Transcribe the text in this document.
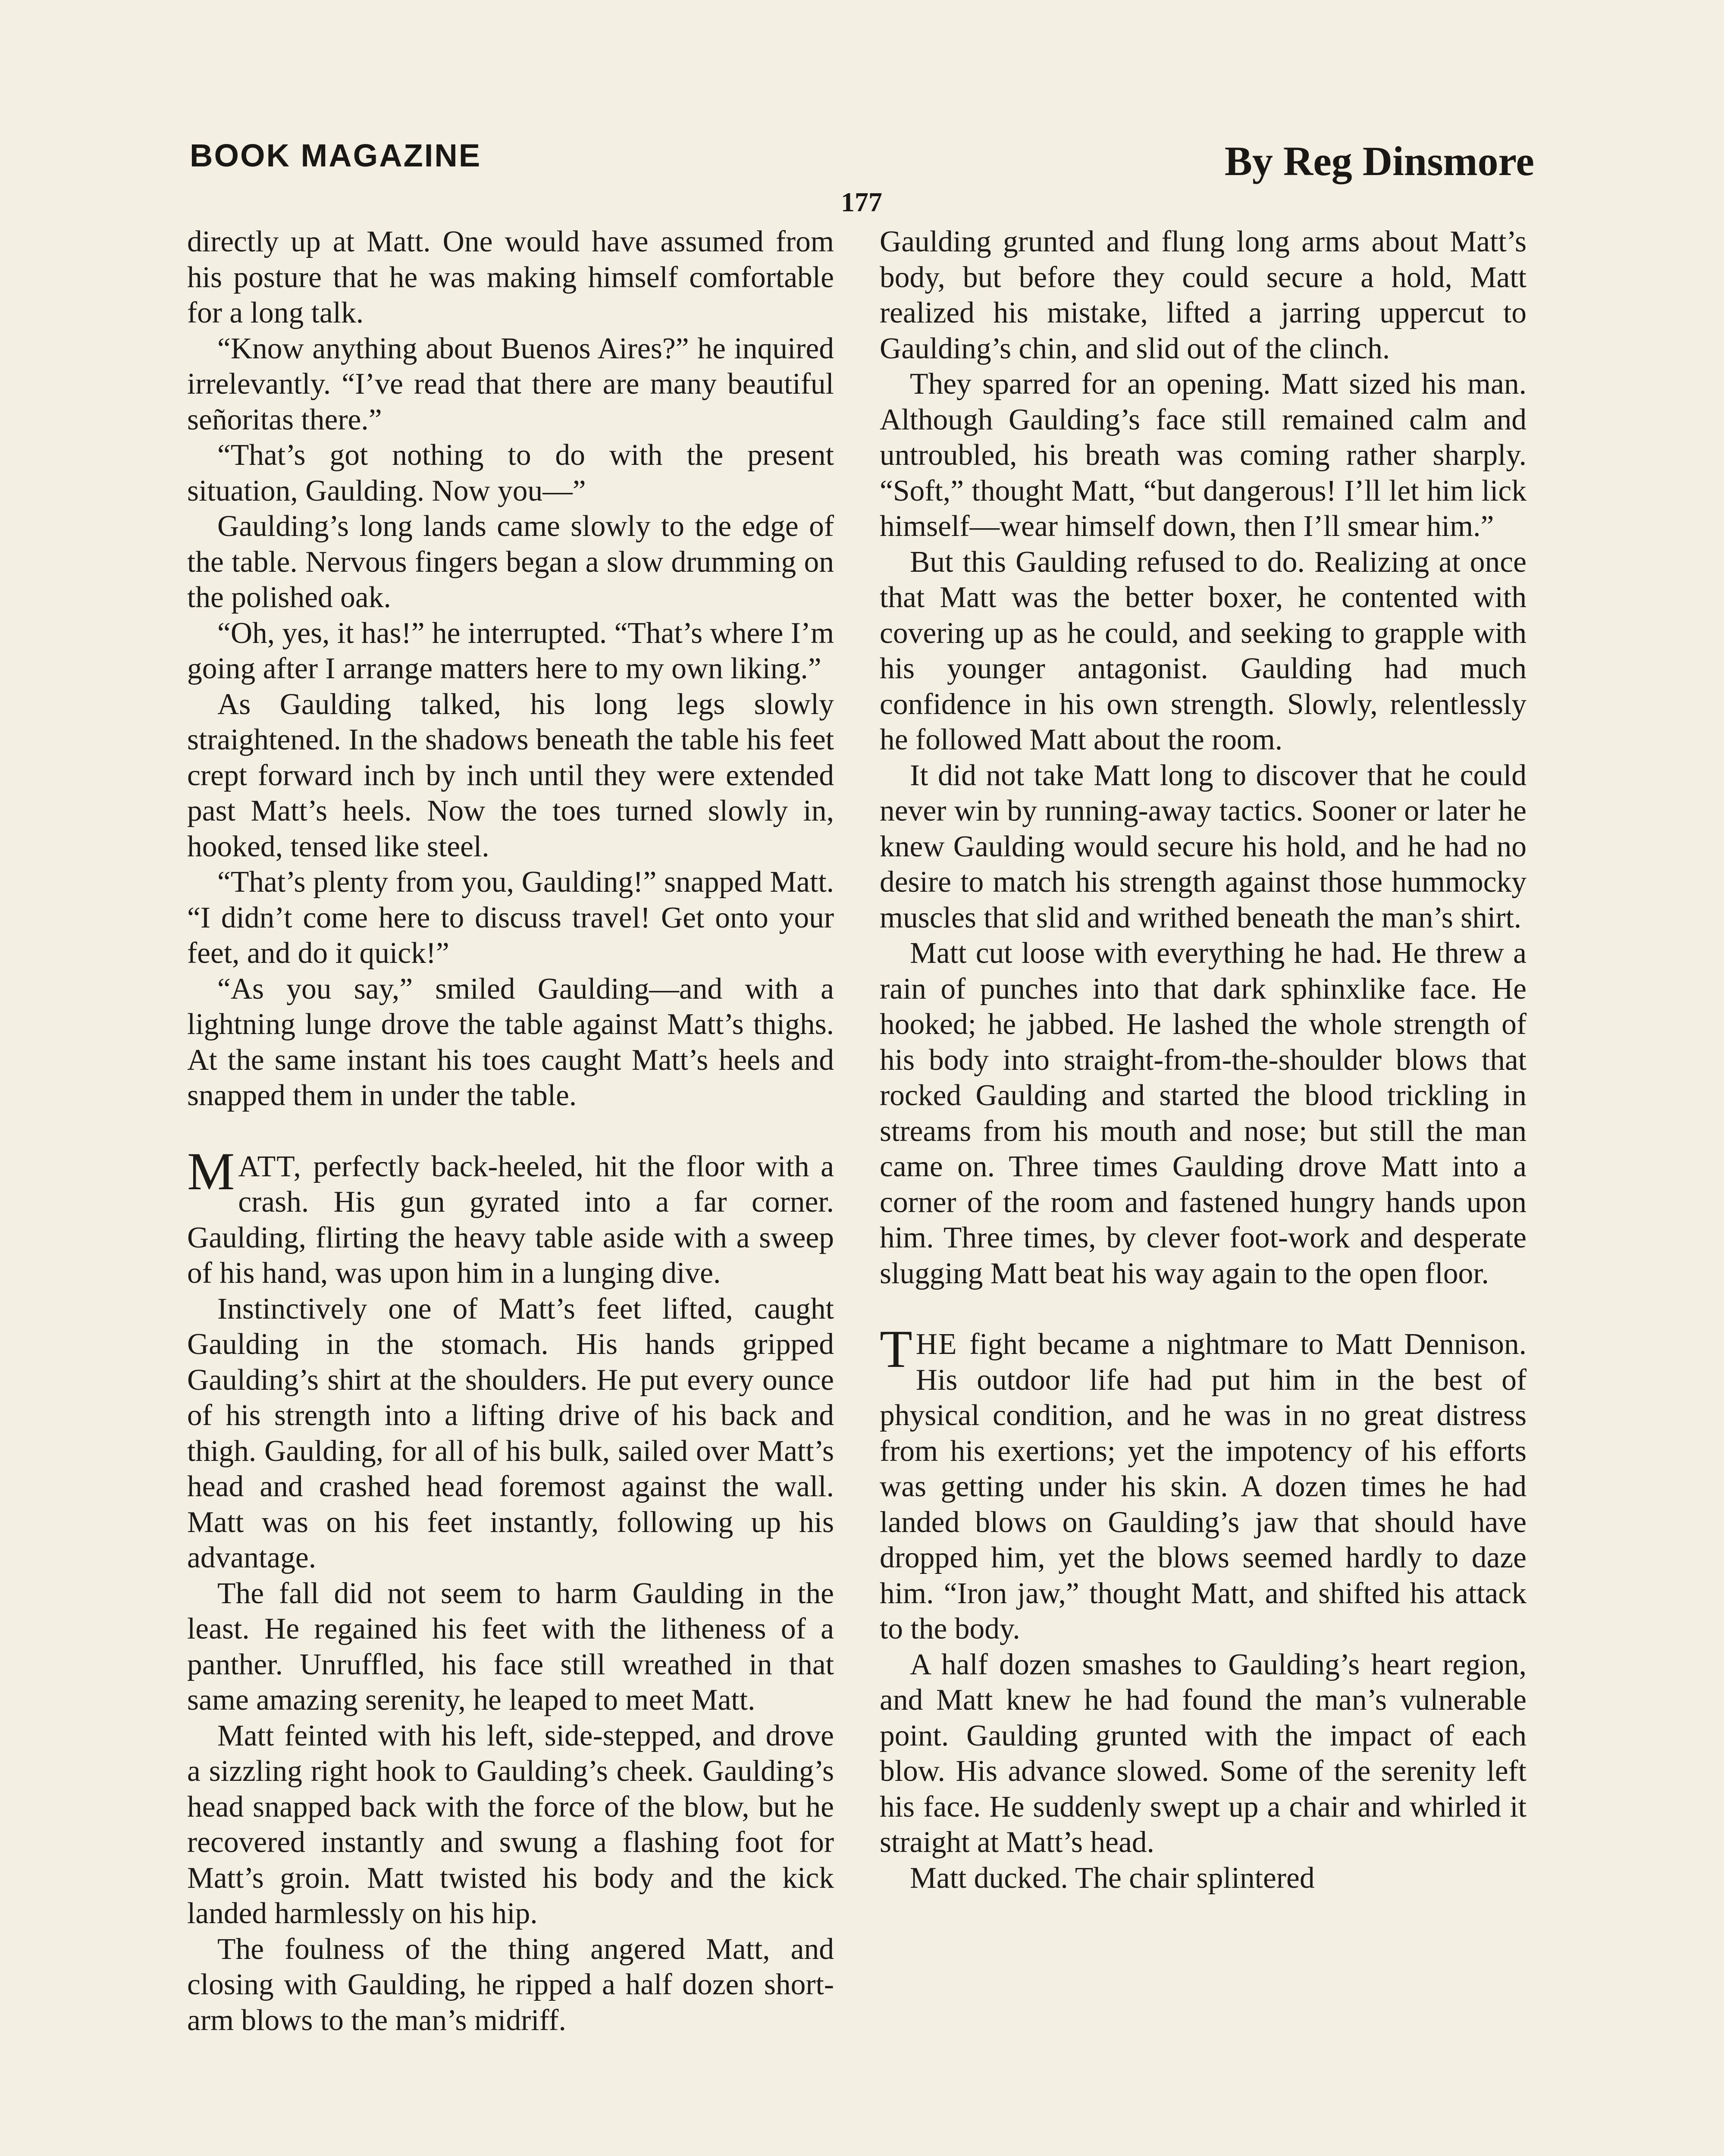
BOOK MAGAZINE	By Reg Dinsmore
177

directly up at Matt. One would have assumed from his posture that he was making himself comfortable for a long talk.

“Know anything about Buenos Aires?” he inquired irrelevantly. “I’ve read that there are many beautiful señoritas there.”

“That’s got nothing to do with the present situation, Gaulding. Now you—”

Gaulding’s long lands came slowly to the edge of the table. Nervous fingers began a slow drumming on the polished oak.

“Oh, yes, it has!” he interrupted. “That’s where I’m going after I arrange matters here to my own liking.”

As Gaulding talked, his long legs slowly straightened. In the shadows beneath the table his feet crept forward inch by inch until they were extended past Matt’s heels. Now the toes turned slowly in, hooked, tensed like steel.

“That’s plenty from you, Gaulding!” snapped Matt. “I didn’t come here to discuss travel! Get onto your feet, and do it quick!”

“As you say,” smiled Gaulding—and with a lightning lunge drove the table against Matt’s thighs. At the same instant his toes caught Matt’s heels and snapped them in under the table.

MATT, perfectly back-heeled, hit the floor with a crash. His gun gyrated into a far corner. Gaulding, flirting the heavy table aside with a sweep of his hand, was upon him in a lunging dive.

Instinctively one of Matt’s feet lifted, caught Gaulding in the stomach. His hands gripped Gaulding’s shirt at the shoulders. He put every ounce of his strength into a lifting drive of his back and thigh. Gaulding, for all of his bulk, sailed over Matt’s head and crashed head foremost against the wall. Matt was on his feet instantly, following up his advantage.

The fall did not seem to harm Gaulding in the least. He regained his feet with the litheness of a panther. Unruffled, his face still wreathed in that same amazing serenity, he leaped to meet Matt.

Matt feinted with his left, side-stepped, and drove a sizzling right hook to Gaulding’s cheek. Gaulding’s head snapped back with the force of the blow, but he recovered instantly and swung a flashing foot for Matt’s groin. Matt twisted his body and the kick landed harmlessly on his hip.

The foulness of the thing angered Matt, and closing with Gaulding, he ripped a half dozen short-arm blows to the man’s midriff.

Gaulding grunted and flung long arms about Matt’s body, but before they could secure a hold, Matt realized his mistake, lifted a jarring uppercut to Gaulding’s chin, and slid out of the clinch.

They sparred for an opening. Matt sized his man. Although Gaulding’s face still remained calm and untroubled, his breath was coming rather sharply. “Soft,” thought Matt, “but dangerous! I’ll let him lick himself—wear himself down, then I’ll smear him.”

But this Gaulding refused to do. Realizing at once that Matt was the better boxer, he contented with covering up as he could, and seeking to grapple with his younger antagonist. Gaulding had much confidence in his own strength. Slowly, relentlessly he followed Matt about the room.

It did not take Matt long to discover that he could never win by running-away tactics. Sooner or later he knew Gaulding would secure his hold, and he had no desire to match his strength against those hummocky muscles that slid and writhed beneath the man’s shirt.

Matt cut loose with everything he had. He threw a rain of punches into that dark sphinxlike face. He hooked; he jabbed. He lashed the whole strength of his body into straight-from-the-shoulder blows that rocked Gaulding and started the blood trickling in streams from his mouth and nose; but still the man came on. Three times Gaulding drove Matt into a corner of the room and fastened hungry hands upon him. Three times, by clever foot-work and desperate slugging Matt beat his way again to the open floor.

THE fight became a nightmare to Matt Dennison. His outdoor life had put him in the best of physical condition, and he was in no great distress from his exertions; yet the impotency of his efforts was getting under his skin. A dozen times he had landed blows on Gaulding’s jaw that should have dropped him, yet the blows seemed hardly to daze him. “Iron jaw,” thought Matt, and shifted his attack to the body.

A half dozen smashes to Gaulding’s heart region, and Matt knew he had found the man’s vulnerable point. Gaulding grunted with the impact of each blow. His advance slowed. Some of the serenity left his face. He suddenly swept up a chair and whirled it straight at Matt’s head.

Matt ducked. The chair splintered
